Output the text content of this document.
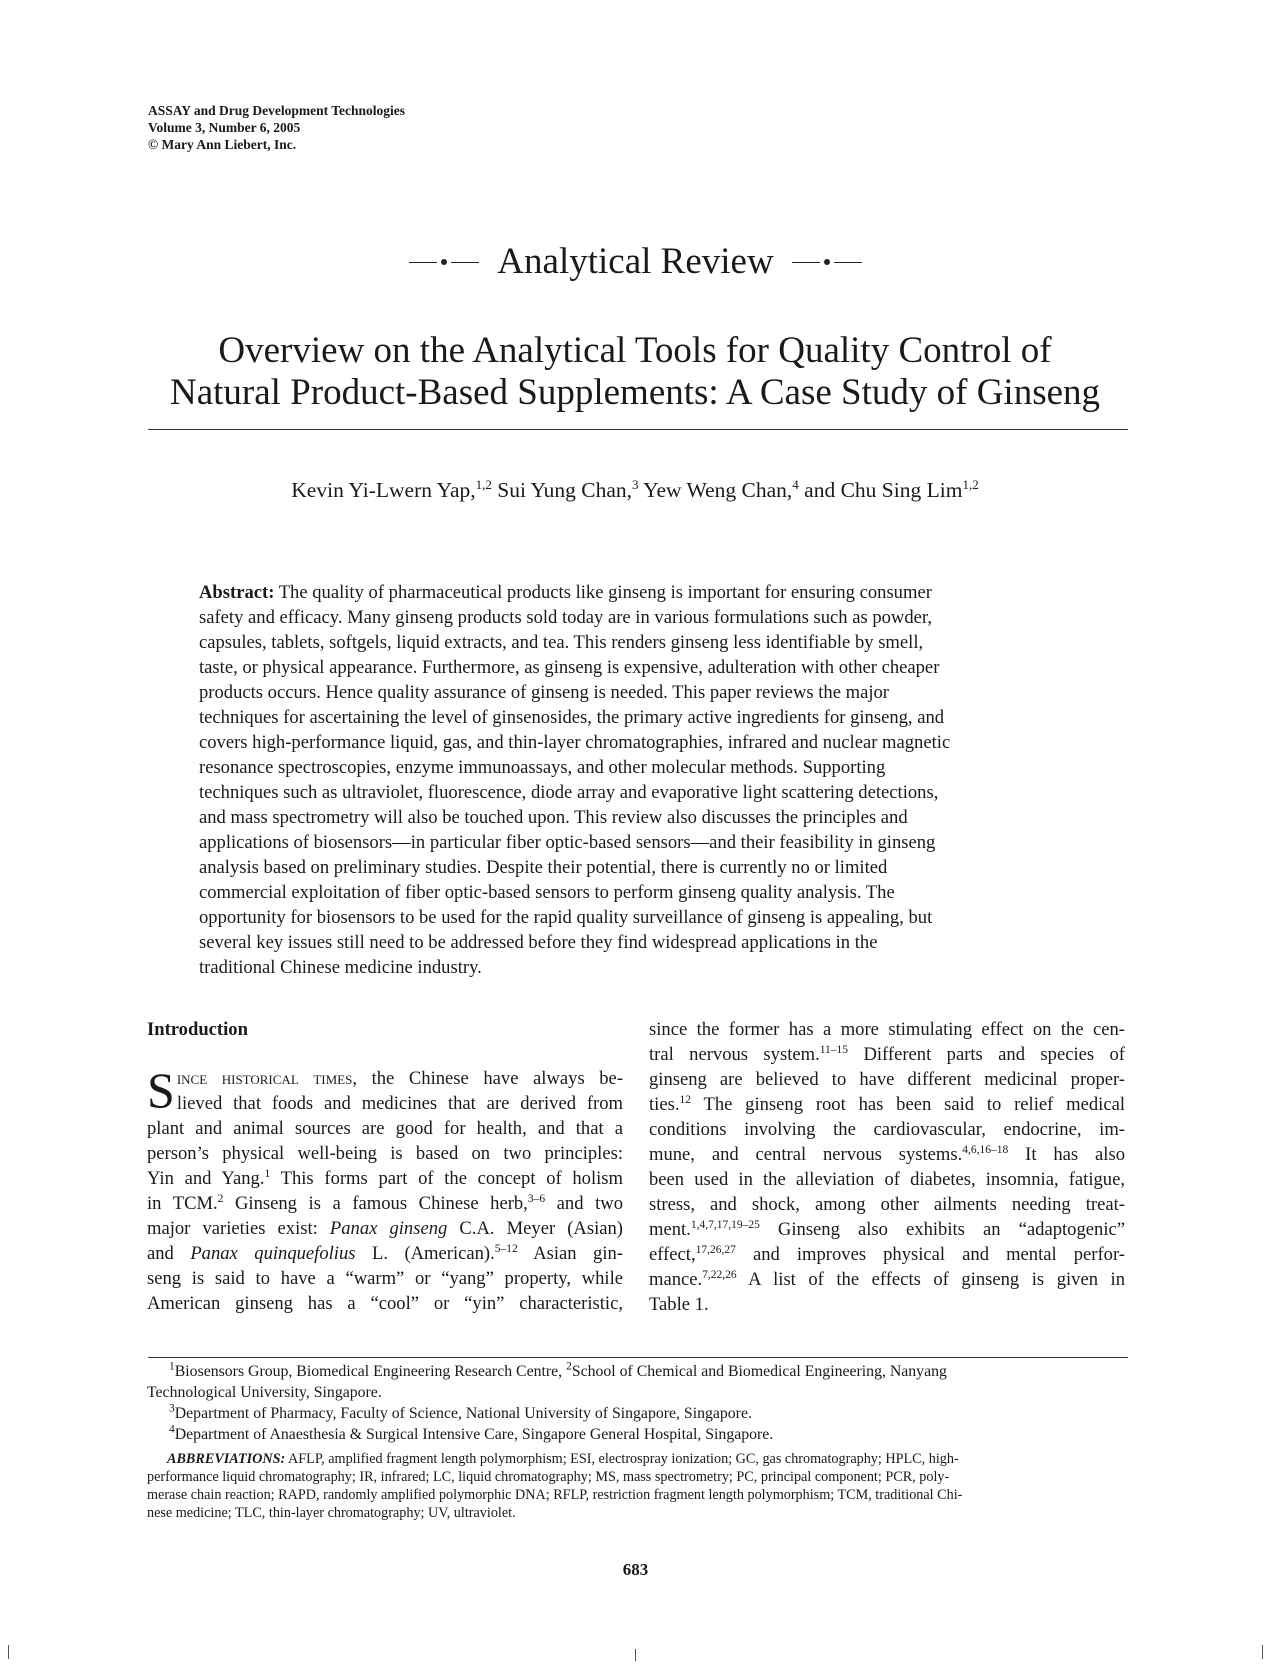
ASSAY and Drug Development Technologies
Volume 3, Number 6, 2005
© Mary Ann Liebert, Inc.
Analytical Review
Overview on the Analytical Tools for Quality Control of
Natural Product-Based Supplements: A Case Study of Ginseng
Kevin Yi-Lwern Yap,$^{1,2}$ Sui Yung Chan,$^3$ Yew Weng Chan,$^4$ and Chu Sing Lim$^{1,2}$
Abstract: The quality of pharmaceutical products like ginseng is important for ensuring consumer
safety and efficacy. Many ginseng products sold today are in various formulations such as powder,
capsules, tablets, softgels, liquid extracts, and tea. This renders ginseng less identifiable by smell,
taste, or physical appearance. Furthermore, as ginseng is expensive, adulteration with other cheaper
products occurs. Hence quality assurance of ginseng is needed. This paper reviews the major
techniques for ascertaining the level of ginsenosides, the primary active ingredients for ginseng, and
covers high-performance liquid, gas, and thin-layer chromatographies, infrared and nuclear magnetic
resonance spectroscopies, enzyme immunoassays, and other molecular methods. Supporting
techniques such as ultraviolet, fluorescence, diode array and evaporative light scattering detections,
and mass spectrometry will also be touched upon. This review also discusses the principles and
applications of biosensors—in particular fiber optic-based sensors—and their feasibility in ginseng
analysis based on preliminary studies. Despite their potential, there is currently no or limited
commercial exploitation of fiber optic-based sensors to perform ginseng quality analysis. The
opportunity for biosensors to be used for the rapid quality surveillance of ginseng is appealing, but
several key issues still need to be addressed before they find widespread applications in the
traditional Chinese medicine industry.
Introduction
S ince historical times, the Chinese have always be-
lieved that foods and medicines that are derived from
plant and animal sources are good for health, and that a
person’s physical well-being is based on two principles:
Yin and Yang.$^1$ This forms part of the concept of holism
in TCM.$^2$ Ginseng is a famous Chinese herb,$^{3-6}$ and two
major varieties exist: Panax ginseng C.A. Meyer (Asian)
and Panax quinquefolius L. (American).$^{5-12}$ Asian gin-
seng is said to have a “warm” or “yang” property, while
American ginseng has a “cool” or “yin” characteristic,
since the former has a more stimulating effect on the cen-
tral nervous system.$^{11-15}$ Different parts and species of
ginseng are believed to have different medicinal proper-
ties.$^{12}$ The ginseng root has been said to relief medical
conditions involving the cardiovascular, endocrine, im-
mune, and central nervous systems.$^{4,6,16-18}$ It has also
been used in the alleviation of diabetes, insomnia, fatigue,
stress, and shock, among other ailments needing treat-
ment.$^{1,4,7,17,19-25}$ Ginseng also exhibits an “adaptogenic”
effect,$^{17,26,27}$ and improves physical and mental perfor-
mance.$^{7,22,26}$ A list of the effects of ginseng is given in
Table 1.
$^1$Biosensors Group, Biomedical Engineering Research Centre, $^2$School of Chemical and Biomedical Engineering, Nanyang
Technological University, Singapore.
$^3$Department of Pharmacy, Faculty of Science, National University of Singapore, Singapore.
$^4$Department of Anaesthesia & Surgical Intensive Care, Singapore General Hospital, Singapore.
ABBREVIATIONS: AFLP, amplified fragment length polymorphism; ESI, electrospray ionization; GC, gas chromatography; HPLC, high-
performance liquid chromatography; IR, infrared; LC, liquid chromatography; MS, mass spectrometry; PC, principal component; PCR, poly-
merase chain reaction; RAPD, randomly amplified polymorphic DNA; RFLP, restriction fragment length polymorphism; TCM, traditional Chi-
nese medicine; TLC, thin-layer chromatography; UV, ultraviolet.
683
